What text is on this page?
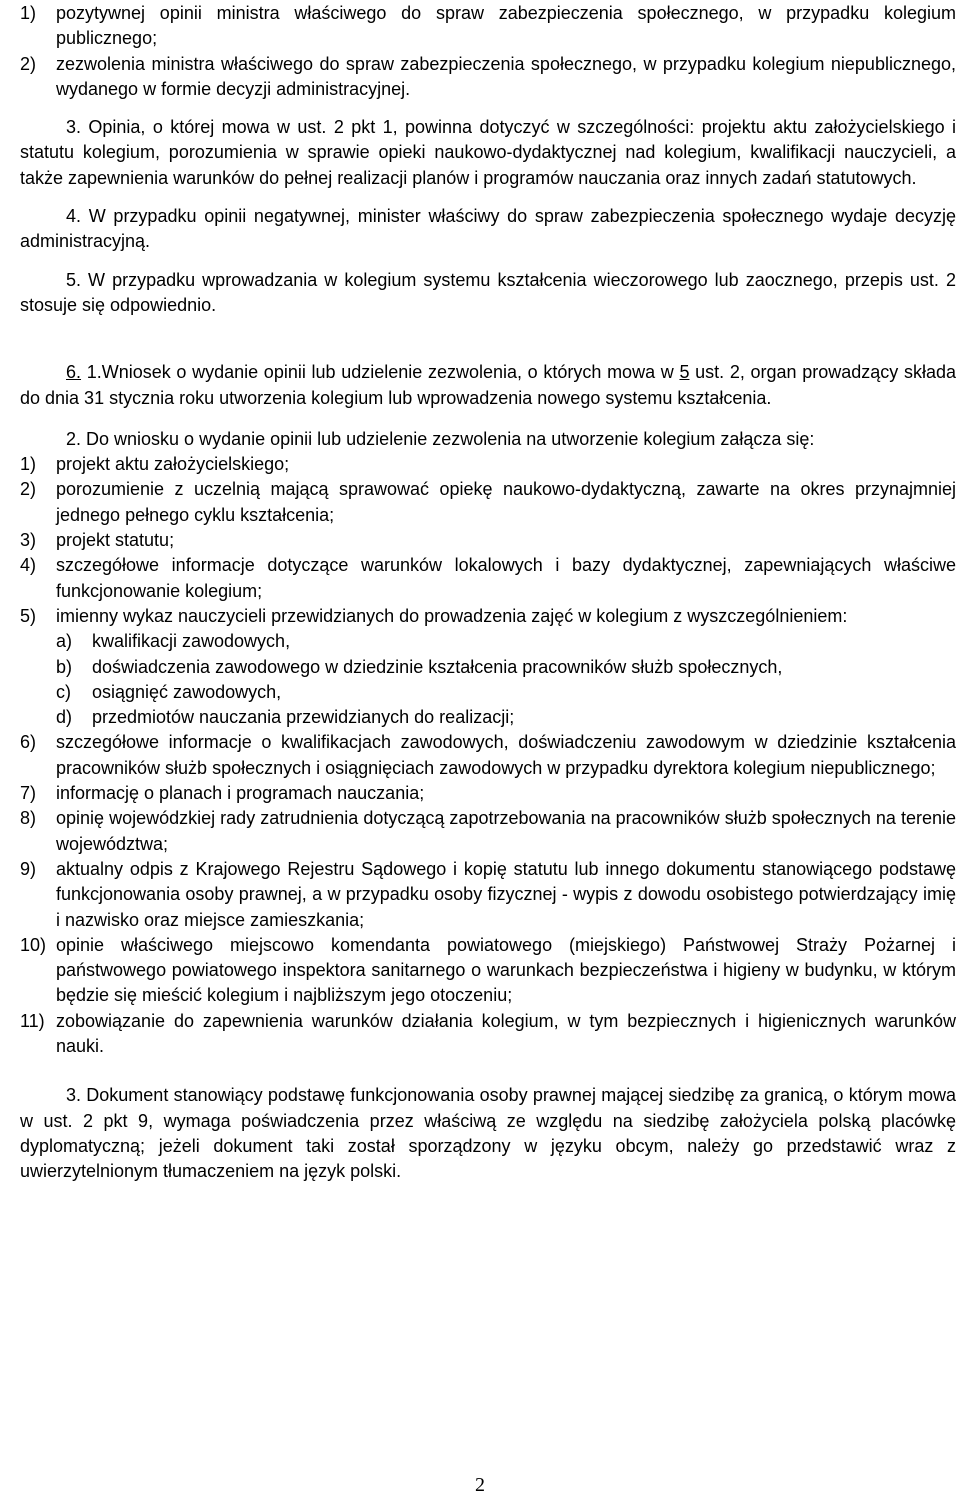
1) pozytywnej opinii ministra właściwego do spraw zabezpieczenia społecznego, w przypadku kolegium publicznego;
2) zezwolenia ministra właściwego do spraw zabezpieczenia społecznego, w przypadku kolegium niepublicznego, wydanego w formie decyzji administracyjnej.
3. Opinia, o której mowa w ust. 2 pkt 1, powinna dotyczyć w szczególności: projektu aktu założycielskiego i statutu kolegium, porozumienia w sprawie opieki naukowo-dydaktycznej nad kolegium, kwalifikacji nauczycieli, a także zapewnienia warunków do pełnej realizacji planów i programów nauczania oraz innych zadań statutowych.
4. W przypadku opinii negatywnej, minister właściwy do spraw zabezpieczenia społecznego wydaje decyzję administracyjną.
5. W przypadku wprowadzania w kolegium systemu kształcenia wieczorowego lub zaocznego, przepis ust. 2 stosuje się odpowiednio.
6. 1.Wniosek o wydanie opinii lub udzielenie zezwolenia, o których mowa w 5 ust. 2, organ prowadzący składa do dnia 31 stycznia roku utworzenia kolegium lub wprowadzenia nowego systemu kształcenia.
2. Do wniosku o wydanie opinii lub udzielenie zezwolenia na utworzenie kolegium załącza się:
1) projekt aktu założycielskiego;
2) porozumienie z uczelnią mającą sprawować opiekę naukowo-dydaktyczną, zawarte na okres przynajmniej jednego pełnego cyklu kształcenia;
3) projekt statutu;
4) szczegółowe informacje dotyczące warunków lokalowych i bazy dydaktycznej, zapewniających właściwe funkcjonowanie kolegium;
5) imienny wykaz nauczycieli przewidzianych do prowadzenia zajęć w kolegium z wyszczególnieniem:
a) kwalifikacji zawodowych,
b) doświadczenia zawodowego w dziedzinie kształcenia pracowników służb społecznych,
c) osiągnięć zawodowych,
d) przedmiotów nauczania przewidzianych do realizacji;
6) szczegółowe informacje o kwalifikacjach zawodowych, doświadczeniu zawodowym w dziedzinie kształcenia pracowników służb społecznych i osiągnięciach zawodowych w przypadku dyrektora kolegium niepublicznego;
7) informację o planach i programach nauczania;
8) opinię wojewódzkiej rady zatrudnienia dotyczącą zapotrzebowania na pracowników służb społecznych na terenie województwa;
9) aktualny odpis z Krajowego Rejestru Sądowego i kopię statutu lub innego dokumentu stanowiącego podstawę funkcjonowania osoby prawnej, a w przypadku osoby fizycznej - wypis z dowodu osobistego potwierdzający imię i nazwisko oraz miejsce zamieszkania;
10) opinie właściwego miejscowo komendanta powiatowego (miejskiego) Państwowej Straży Pożarnej i państwowego powiatowego inspektora sanitarnego o warunkach bezpieczeństwa i higieny w budynku, w którym będzie się mieścić kolegium i najbliższym jego otoczeniu;
11) zobowiązanie do zapewnienia warunków działania kolegium, w tym bezpiecznych i higienicznych warunków nauki.
3. Dokument stanowiący podstawę funkcjonowania osoby prawnej mającej siedzibę za granicą, o którym mowa w ust. 2 pkt 9, wymaga poświadczenia przez właściwą ze względu na siedzibę założyciela polską placówkę dyplomatyczną; jeżeli dokument taki został sporządzony w języku obcym, należy go przedstawić wraz z uwierzytelnionym tłumaczeniem na język polski.
2
